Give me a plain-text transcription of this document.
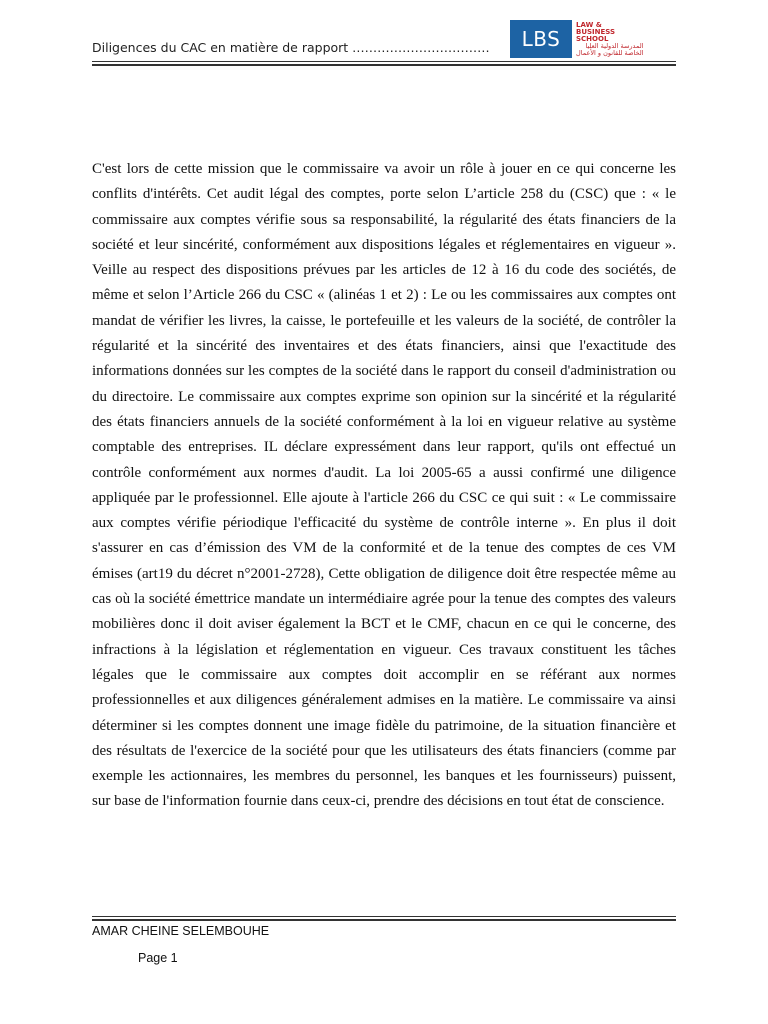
Diligences du CAC en matière de rapport ……………………………	LBS
LAW &
BUSINESS
SCHOOL
المدرسة الدولية العليا
الخاصة للقانون و الأعمال
C'est lors de cette mission que le commissaire va avoir un rôle à jouer en ce qui concerne les conflits d'intérêts. Cet audit légal des comptes, porte selon L’article 258 du (CSC) que : « le commissaire aux comptes vérifie sous sa responsabilité, la régularité des états financiers de la société et leur sincérité, conformément aux dispositions légales et réglementaires en vigueur ». Veille au respect des dispositions prévues par les articles de 12 à 16 du code des sociétés, de même et selon l’Article 266 du CSC « (alinéas 1 et 2) : Le ou les commissaires aux comptes ont mandat de vérifier les livres, la caisse, le portefeuille et les valeurs de la société, de contrôler la régularité et la sincérité des inventaires et des états financiers, ainsi que l'exactitude des informations données sur les comptes de la société dans le rapport du conseil d'administration ou du directoire. Le commissaire aux comptes exprime son opinion sur la sincérité et la régularité des états financiers annuels de la société conformément à la loi en vigueur relative au système comptable des entreprises. IL déclare expressément dans leur rapport, qu'ils ont effectué un contrôle conformément aux normes d'audit. La loi 2005-65 a aussi confirmé une diligence appliquée par le professionnel. Elle ajoute à l'article 266 du CSC ce qui suit : « Le commissaire aux comptes vérifie périodique l'efficacité du système de contrôle interne ». En plus il doit s'assurer en cas d’émission des VM de la conformité et de la tenue des comptes de ces VM émises (art19 du décret n°2001-2728), Cette obligation de diligence doit être respectée même au cas où la société émettrice mandate un intermédiaire agrée pour la tenue des comptes des valeurs mobilières donc il doit aviser également la BCT et le CMF, chacun en ce qui le concerne, des infractions à la législation et réglementation en vigueur. Ces travaux constituent les tâches légales que le commissaire aux comptes doit accomplir en se référant aux normes professionnelles et aux diligences généralement admises en la matière. Le commissaire va ainsi déterminer si les comptes donnent une image fidèle du patrimoine, de la situation financière et des résultats de l'exercice de la société pour que les utilisateurs des états financiers (comme par exemple les actionnaires, les membres du personnel, les banques et les fournisseurs) puissent, sur base de l'information fournie dans ceux-ci, prendre des décisions en tout état de conscience.
AMAR CHEINE SELEMBOUHE
Page 1
